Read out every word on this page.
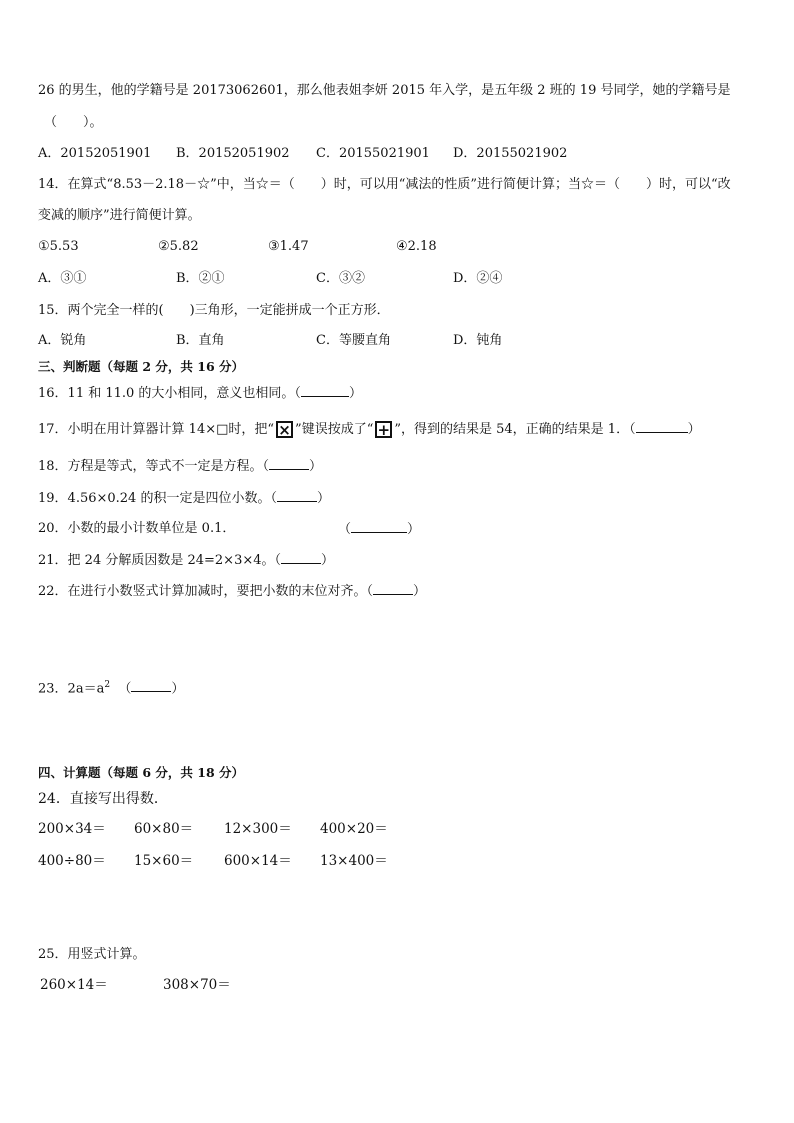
26 的男生，他的学籍号是 20173062601，那么他表姐李妍 2015 年入学，是五年级 2 班的 19 号同学，她的学籍号是
（　　）。
A．20152051901 B．20152051902 C．20155021901 D．20155021902
14．在算式“8.53－2.18－☆”中，当☆＝（　　）时，可以用“减法的性质”进行简便计算；当☆＝（　　）时，可以“改
变减的顺序”进行简便计算。
①5.53	②5.82	③1.47	④2.18
A．③①	B．②①	C．③②	D．②④
15．两个完全一样的(　　)三角形，一定能拼成一个正方形．
A．锐角	B．直角	C．等腰直角	D．钝角
三、判断题（每题 2 分，共 16 分）
16．11 和 11.0 的大小相同，意义也相同。（	）
17．小明在用计算器计算 14×□时，把“ × ”键误按成了“ + ”，得到的结果是 54，正确的结果是 1．（	）
18．方程是等式，等式不一定是方程。（	）
19．4.56×0.24 的积一定是四位小数。（	）
20．小数的最小计数单位是 0.1．	（	）
21．把 24 分解质因数是 24=2×3×4。（	）
22．在进行小数竖式计算加减时，要把小数的末位对齐。（	）
23．$2a=a^2$ （	）
四、计算题（每题 6 分，共 18 分）
24．直接写出得数．
200×34＝ 60×80＝ 12×300＝ 400×20＝
400÷80＝ 15×60＝ 600×14＝ 13×400＝
25．用竖式计算。
260×14＝	308×70＝
